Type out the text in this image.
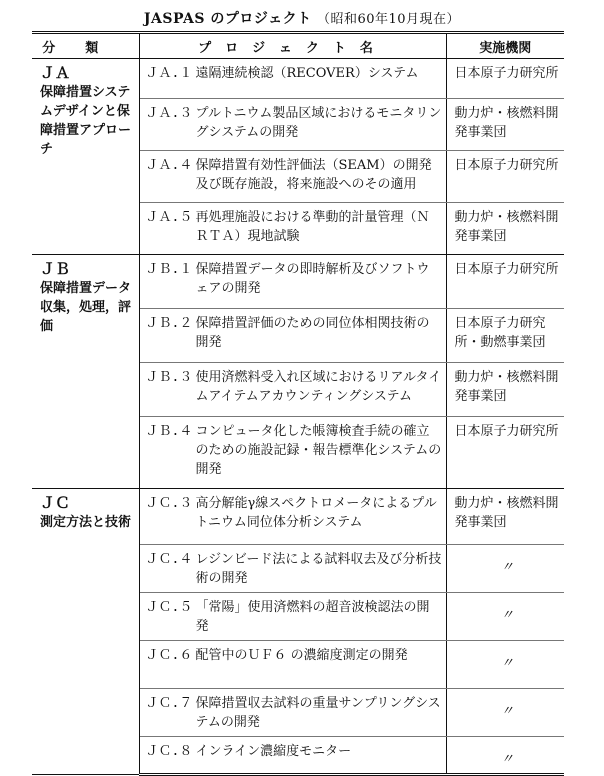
JASPAS のプロジェクト （昭和60年10月現在）
分類	プロジェクト名	実施機関

ＪＡ
保障措置システムデザインと保障措置アプローチ	ＪＡ.１ 遠隔連続検認（RECOVER）システム	日本原子力研究所
	ＪＡ.３ プルトニウム製品区域におけるモニタリングシステムの開発	動力炉・核燃料開発事業団
	ＪＡ.４ 保障措置有効性評価法（SEAM）の開発及び既存施設，将来施設へのその適用	日本原子力研究所
	ＪＡ.５ 再処理施設における準動的計量管理（ＮＲＴＡ）現地試験	動力炉・核燃料開発事業団

ＪＢ
保障措置データ収集，処理，評価	ＪＢ.１ 保障措置データの即時解析及びソフトウェアの開発	日本原子力研究所
	ＪＢ.２ 保障措置評価のための同位体相関技術の開発	日本原子力研究所・動燃事業団
	ＪＢ.３ 使用済燃料受入れ区域におけるリアルタイムアイテムアカウンティングシステム	動力炉・核燃料開発事業団
	ＪＢ.４ コンピュータ化した帳簿検査手続の確立のための施設記録・報告標準化システムの開発	日本原子力研究所

ＪＣ
測定方法と技術	ＪＣ.３ 高分解能γ線スペクトロメータによるプルトニウム同位体分析システム	動力炉・核燃料開発事業団
	ＪＣ.４ レジンビード法による試料収去及び分析技術の開発	〃

	ＪＣ.５ 「常陽」使用済燃料の超音波検認法の開発	〃

	ＪＣ.６ 配管中のＵＦ６ の濃縮度測定の開発	〃

	ＪＣ.７ 保障措置収去試料の重量サンプリングシステムの開発	〃

	ＪＣ.８ インライン濃縮度モニター	〃
